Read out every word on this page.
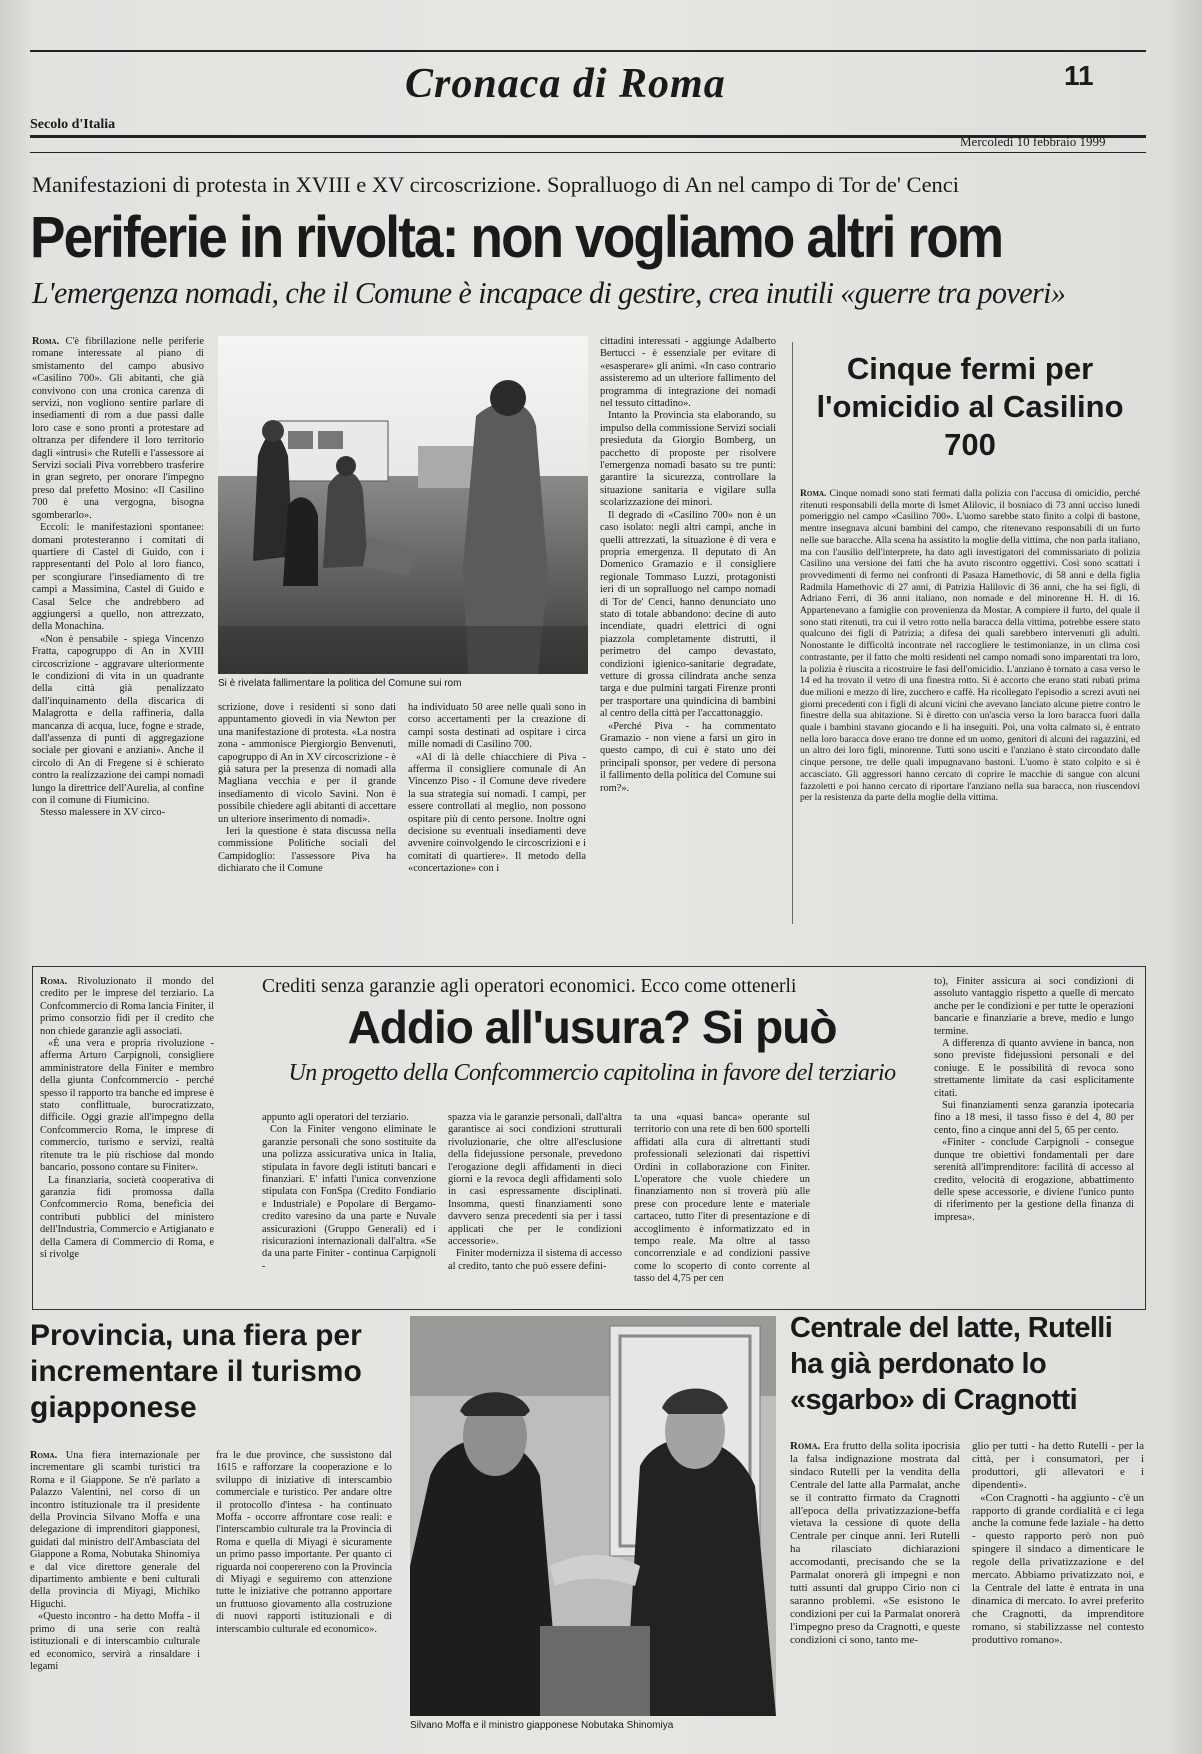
Cronaca di Roma	11
Secolo d'Italia
Mercoledì 10 febbraio 1999
Manifestazioni di protesta in XVIII e XV circoscrizione. Sopralluogo di An nel campo di Tor de' Cenci
Periferie in rivolta: non vogliamo altri rom
L'emergenza nomadi, che il Comune è incapace di gestire, crea inutili «guerre tra poveri»

Roma. C'è fibrillazione nelle periferie romane interessate al piano di smistamento del campo abusivo «Casilino 700». Gli abitanti, che già convivono con una cronica carenza di servizi, non vogliono sentire parlare di insediamenti di rom a due passi dalle loro case e sono pronti a protestare ad oltranza per difendere il loro territorio dagli «intrusi» che Rutelli e l'assessore ai Servizi sociali Piva vorrebbero trasferire in gran segreto, per onorare l'impegno preso dal prefetto Mosino: «Il Casilino 700 è una vergogna, bisogna sgomberarlo».

Eccoli: le manifestazioni spontanee: domani protesteranno i comitati di quartiere di Castel di Guido, con i rappresentanti del Polo al loro fianco, per scongiurare l'insediamento di tre campi a Massimina, Castel di Guido e Casal Selce che andrebbero ad aggiungersi a quello, non attrezzato, della Monachina.

«Non è pensabile - spiega Vincenzo Fratta, capogruppo di An in XVIII circoscrizione - aggravare ulteriormente le condizioni di vita in un quadrante della città già penalizzato dall'inquinamento della discarica di Malagrotta e della raffineria, dalla mancanza di acqua, luce, fogne e strade, dall'assenza di punti di aggregazione sociale per giovani e anziani». Anche il circolo di An di Fregene si è schierato contro la realizzazione dei campi nomadi lungo la direttrice dell'Aurelia, al confine con il comune di Fiumicino.

Stesso malessere in XV circo-

Si è rivelata fallimentare la politica del Comune sui rom

scrizione, dove i residenti si sono dati appuntamento giovedì in via Newton per una manifestazione di protesta. «La nostra zona - ammonisce Piergiorgio Benvenuti, capogruppo di An in XV circoscrizione - è già satura per la presenza di nomadi alla Magliana vecchia e per il grande insediamento di vicolo Savini. Non è possibile chiedere agli abitanti di accettare un ulteriore inserimento di nomadi».

Ieri la questione è stata discussa nella commissione Politiche sociali del Campidoglio: l'assessore Piva ha dichiarato che il Comune

ha individuato 50 aree nelle quali sono in corso accertamenti per la creazione di campi sosta destinati ad ospitare i circa mille nomadi di Casilino 700.

«Al di là delle chiacchiere di Piva - afferma il consigliere comunale di An Vincenzo Piso - il Comune deve rivedere la sua strategia sui nomadi. I campi, per essere controllati al meglio, non possono ospitare più di cento persone. Inoltre ogni decisione su eventuali insediamenti deve avvenire coinvolgendo le circoscrizioni e i comitati di quartiere». Il metodo della «concertazione» con i

cittadini interessati - aggiunge Adalberto Bertucci - è essenziale per evitare di «esasperare» gli animi. «In caso contrario assisteremo ad un ulteriore fallimento del programma di integrazione dei nomadi nel tessuto cittadino».

Intanto la Provincia sta elaborando, su impulso della commissione Servizi sociali presieduta da Giorgio Bomberg, un pacchetto di proposte per risolvere l'emergenza nomadi basato su tre punti: garantire la sicurezza, controllare la situazione sanitaria e vigilare sulla scolarizzazione dei minori.

Il degrado di «Casilino 700» non è un caso isolato: negli altri campi, anche in quelli attrezzati, la situazione è di vera e propria emergenza. Il deputato di An Domenico Gramazio e il consigliere regionale Tommaso Luzzi, protagonisti ieri di un sopralluogo nel campo nomadi di Tor de' Cenci, hanno denunciato uno stato di totale abbandono: decine di auto incendiate, quadri elettrici di ogni piazzola completamente distrutti, il perimetro del campo devastato, condizioni igienico-sanitarie degradate, vetture di grossa cilindrata anche senza targa e due pulmini targati Firenze pronti per trasportare una quindicina di bambini al centro della città per l'accattonaggio.

«Perché Piva - ha commentato Gramazio - non viene a farsi un giro in questo campo, di cui è stato uno dei principali sponsor, per vedere di persona il fallimento della politica del Comune sui rom?».

Cinque fermi per l'omicidio al Casilino 700

Roma. Cinque nomadi sono stati fermati dalla polizia con l'accusa di omicidio, perché ritenuti responsabili della morte di Ismet Alilovic, il bosniaco di 73 anni ucciso lunedì pomeriggio nel campo «Casilino 700». L'uomo sarebbe stato finito a colpi di bastone, mentre insegnava alcuni bambini del campo, che ritenevano responsabili di un furto nelle sue baracche. Alla scena ha assistito la moglie della vittima, che non parla italiano, ma con l'ausilio dell'interprete, ha dato agli investigatori del commissariato di polizia Casilino una versione dei fatti che ha avuto riscontro oggettivi. Così sono scattati i provvedimenti di fermo nei confronti di Pasaza Hamethovic, di 58 anni e della figlia Radmila Hamethovic di 27 anni, di Patrizia Halilovic di 36 anni, che ha sei figli, di Adriano Ferri, di 36 anni italiano, non nomade e del minorenne H. H. di 16. Appartenevano a famiglie con provenienza da Mostar. A compiere il furto, del quale il sono stati ritenuti, tra cui il vetro rotto nella baracca della vittima, potrebbe essere stato qualcuno dei figli di Patrizia; a difesa dei quali sarebbero intervenuti gli adulti. Nonostante le difficoltà incontrate nel raccogliere le testimonianze, in un clima così contrastante, per il fatto che molti residenti nel campo nomadi sono imparentati tra loro, la polizia è riuscita a ricostruire le fasi dell'omicidio. L'anziano è tornato a casa verso le 14 ed ha trovato il vetro di una finestra rotto. Si è accorto che erano stati rubati prima due milioni e mezzo di lire, zucchero e caffè. Ha ricollegato l'episodio a screzi avuti nei giorni precedenti con i figli di alcuni vicini che avevano lanciato alcune pietre contro le finestre della sua abitazione. Si è diretto con un'ascia verso la loro baracca fuori dalla quale i bambini stavano giocando e li ha inseguiti. Poi, una volta calmato si, è entrato nella loro baracca dove erano tre donne ed un uomo, genitori di alcuni dei ragazzini, ed un altro dei loro figli, minorenne. Tutti sono usciti e l'anziano è stato circondato dalle cinque persone, tre delle quali impugnavano bastoni. L'uomo è stato colpito e si è accasciato. Gli aggressori hanno cercato di coprire le macchie di sangue con alcuni fazzoletti e poi hanno cercato di riportare l'anziano nella sua baracca, non riuscendovi per la resistenza da parte della moglie della vittima.

Roma. Rivoluzionato il mondo del credito per le imprese del terziario. La Confcommercio di Roma lancia Finiter, il primo consorzio fidi per il credito che non chiede garanzie agli associati.

«È una vera e propria rivoluzione - afferma Arturo Carpignoli, consigliere amministratore della Finiter e membro della giunta Confcommercio - perché spesso il rapporto tra banche ed imprese è stato conflittuale, burocratizzato, difficile. Oggi grazie all'impegno della Confcommercio Roma, le imprese di commercio, turismo e servizi, realtà ritenute tra le più rischiose dal mondo bancario, possono contare su Finiter».

La finanziaria, società cooperativa di garanzia fidi promossa dalla Confcommercio Roma, beneficia dei contributi pubblici del ministero dell'Industria, Commercio e Artigianato e della Camera di Commercio di Roma, e si rivolge

Crediti senza garanzie agli operatori economici. Ecco come ottenerli
Addio all'usura? Si può
Un progetto della Confcommercio capitolina in favore del terziario

appunto agli operatori del terziario.

Con la Finiter vengono eliminate le garanzie personali che sono sostituite da una polizza assicurativa unica in Italia, stipulata in favore degli istituti bancari e finanziari. E' infatti l'unica convenzione stipulata con FonSpa (Credito Fondiario e Industriale) e Popolare di Bergamo-credito varesino da una parte e Nuvale assicurazioni (Gruppo Generali) ed i risicurazioni internazionali dall'altra. «Se da una parte Finiter - continua Carpignoli -

spazza via le garanzie personali, dall'altra garantisce ai soci condizioni strutturali rivoluzionarie, che oltre all'esclusione della fidejussione personale, prevedono l'erogazione degli affidamenti in dieci giorni e la revoca degli affidamenti solo in casi espressamente disciplinati. Insomma, questi finanziamenti sono davvero senza precedenti sia per i tassi applicati che per le condizioni accessorie».

Finiter modernizza il sistema di accesso al credito, tanto che può essere defini-

ta una «quasi banca» operante sul territorio con una rete di ben 600 sportelli affidati alla cura di altrettanti studi professionali selezionati dai rispettivi Ordini in collaborazione con Finiter. L'operatore che vuole chiedere un finanziamento non si troverà più alle prese con procedure lente e materiale cartaceo, tutto l'iter di presentazione e di accoglimento è informatizzato ed in tempo reale. Ma oltre al tasso concorrenziale e ad condizioni passive come lo scoperto di conto corrente al tasso del 4,75 per cen

to), Finiter assicura ai soci condizioni di assoluto vantaggio rispetto a quelle di mercato anche per le condizioni e per tutte le operazioni bancarie e finanziarie a breve, medio e lungo termine.

A differenza di quanto avviene in banca, non sono previste fidejussioni personali e del coniuge. E le possibilità di revoca sono strettamente limitate da casi esplicitamente citati.

Sui finanziamenti senza garanzia ipotecaria fino a 18 mesi, il tasso fisso è del 4, 80 per cento, fino a cinque anni del 5, 65 per cento.

«Finiter - conclude Carpignoli - consegue dunque tre obiettivi fondamentali per dare serenità all'imprenditore: facilità di accesso al credito, velocità di erogazione, abbattimento delle spese accessorie, e diviene l'unico punto di riferimento per la gestione della finanza di impresa».

Provincia, una fiera per incrementare il turismo giapponese

Roma. Una fiera internazionale per incrementare gli scambi turistici tra Roma e il Giappone. Se n'è parlato a Palazzo Valentini, nel corso di un incontro istituzionale tra il presidente della Provincia Silvano Moffa e una delegazione di imprenditori giapponesi, guidati dal ministro dell'Ambasciata del Giappone a Roma, Nobutaka Shinomiya e dal vice direttore generale del dipartimento ambiente e beni culturali della provincia di Miyagi, Michiko Higuchi.

«Questo incontro - ha detto Moffa - il primo di una serie con realtà istituzionali e di interscambio culturale ed economico, servirà a rinsaldare i legami

fra le due province, che sussistono dal 1615 e rafforzare la cooperazione e lo sviluppo di iniziative di interscambio commerciale e turistico. Per andare oltre il protocollo d'intesa - ha continuato Moffa - occorre affrontare cose reali: e l'interscambio culturale tra la Provincia di Roma e quella di Miyagi è sicuramente un primo passo importante. Per quanto ci riguarda noi cooperereno con la Provincia di Miyagi e seguiremo con attenzione tutte le iniziative che potranno apportare un fruttuoso giovamento alla costruzione di nuovi rapporti istituzionali e di interscambio culturale ed economico».

Silvano Moffa e il ministro giapponese Nobutaka Shinomiya
Centrale del latte, Rutelli ha già perdonato lo «sgarbo» di Cragnotti

Roma. Era frutto della solita ipocrisia la falsa indignazione mostrata dal sindaco Rutelli per la vendita della Centrale del latte alla Parmalat, anche se il contratto firmato da Cragnotti all'epoca della privatizzazione-beffa vietava la cessione di quote della Centrale per cinque anni. Ieri Rutelli ha rilasciato dichiarazioni accomodanti, precisando che se la Parmalat onorerà gli impegni e non tutti assunti dal gruppo Cirio non ci saranno problemi. «Se esistono le condizioni per cui la Parmalat onorerà l'impegno preso da Cragnotti, e queste condizioni ci sono, tanto me-

glio per tutti - ha detto Rutelli - per la città, per i consumatori, per i produttori, gli allevatori e i dipendenti».

«Con Cragnotti - ha aggiunto - c'è un rapporto di grande cordialità e ci lega anche la comune fede laziale - ha detto - questo rapporto però non può spingere il sindaco a dimenticare le regole della privatizzazione e del mercato. Abbiamo privatizzato noi, e la Centrale del latte è entrata in una dinamica di mercato. Io avrei preferito che Cragnotti, da imprenditore romano, si stabilizzasse nel contesto produttivo romano».
